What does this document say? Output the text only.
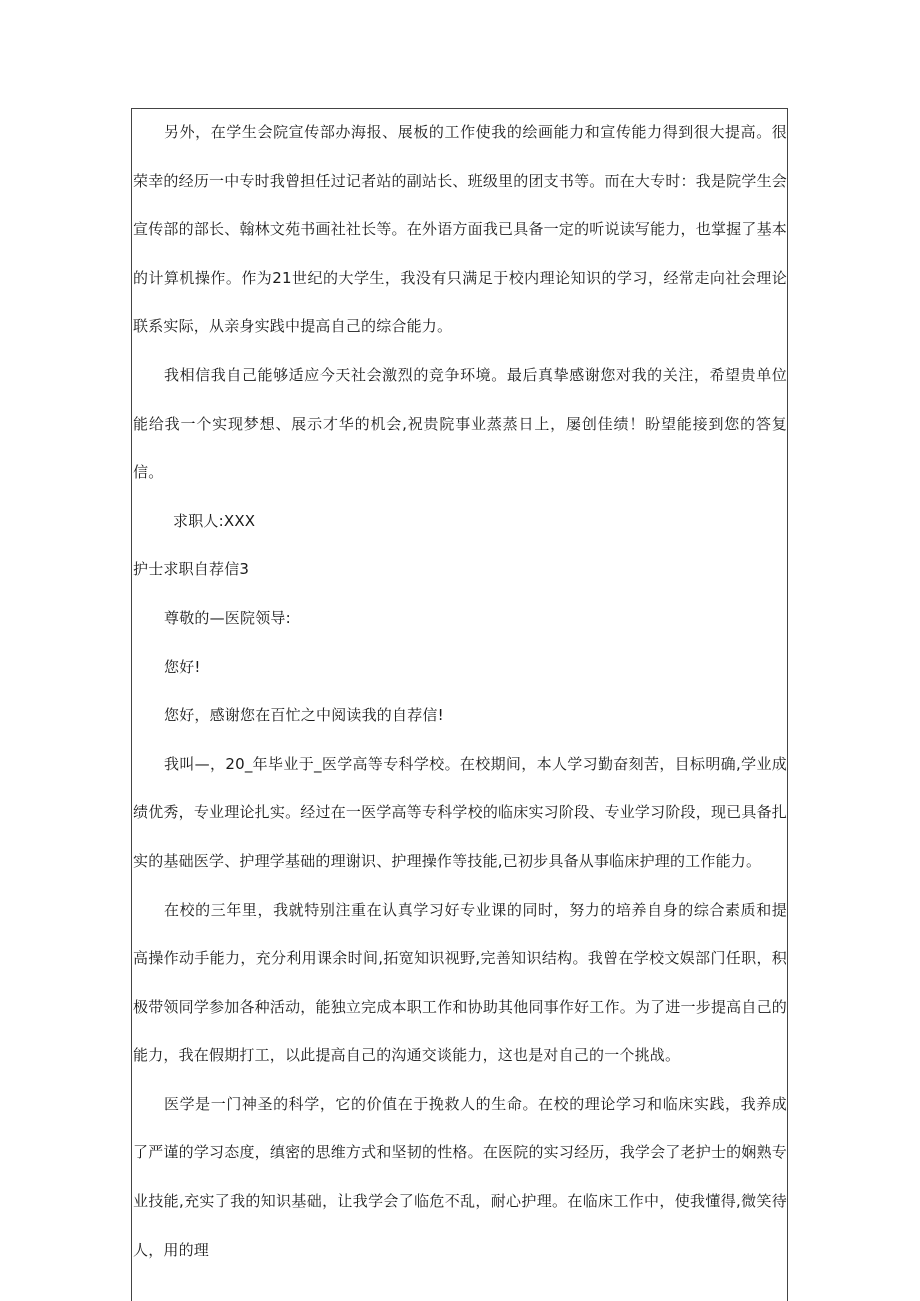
另外，在学生会院宣传部办海报、展板的工作使我的绘画能力和宣传能力得到很大提高。很荣幸的经历一中专时我曾担任过记者站的副站长、班级里的团支书等。而在大专时：我是院学生会宣传部的部长、翰林文苑书画社社长等。在外语方面我已具备一定的听说读写能力，也掌握了基本的计算机操作。作为21世纪的大学生，我没有只满足于校内理论知识的学习，经常走向社会理论联系实际，从亲身实践中提高自己的综合能力。

我相信我自己能够适应今天社会激烈的竞争环境。最后真挚感谢您对我的关注，希望贵单位能给我一个实现梦想、展示才华的机会,祝贵院事业蒸蒸日上，屡创佳绩！盼望能接到您的答复信。

求职人:XXX

护士求职自荐信3

尊敬的—医院领导:

您好!

您好，感谢您在百忙之中阅读我的自荐信!

我叫—，20_年毕业于_医学高等专科学校。在校期间，本人学习勤奋刻苦，目标明确,学业成绩优秀，专业理论扎实。经过在一医学高等专科学校的临床实习阶段、专业学习阶段，现已具备扎实的基础医学、护理学基础的理谢识、护理操作等技能,已初步具备从事临床护理的工作能力。

在校的三年里，我就特别注重在认真学习好专业课的同时，努力的培养自身的综合素质和提高操作动手能力，充分利用课余时间,拓宽知识视野,完善知识结构。我曾在学校文娱部门任职，积极带领同学参加各种活动，能独立完成本职工作和协助其他同事作好工作。为了进一步提高自己的能力，我在假期打工，以此提高自己的沟通交谈能力，这也是对自己的一个挑战。

医学是一门神圣的科学，它的价值在于挽救人的生命。在校的理论学习和临床实践，我养成了严谨的学习态度，缜密的思维方式和坚韧的性格。在医院的实习经历，我学会了老护士的娴熟专业技能,充实了我的知识基础，让我学会了临危不乱，耐心护理。在临床工作中，使我懂得,微笑待人，用的理
